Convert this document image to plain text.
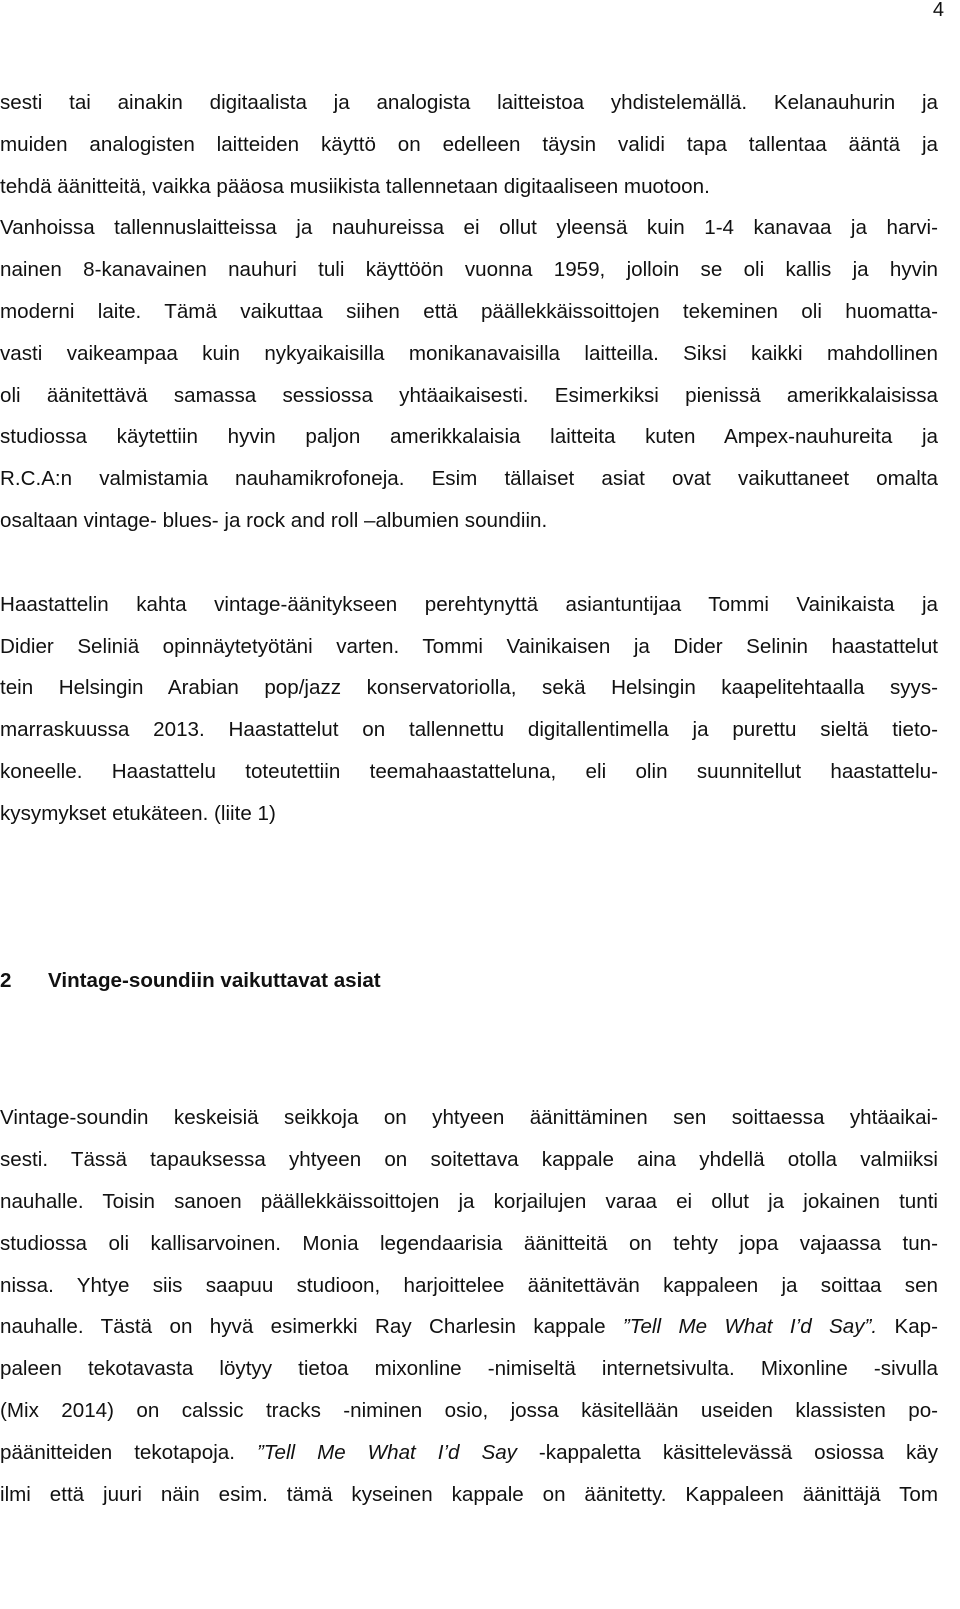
4

sesti tai ainakin digitaalista ja analogista laitteistoa yhdistelemällä. Kelanauhurin ja
muiden analogisten laitteiden käyttö on edelleen täysin validi tapa tallentaa ääntä ja
tehdä äänitteitä, vaikka pääosa musiikista tallennetaan digitaaliseen muotoon.

Vanhoissa tallennuslaitteissa ja nauhureissa ei ollut yleensä kuin 1-4 kanavaa ja harvi-
nainen 8-kanavainen nauhuri tuli käyttöön vuonna 1959, jolloin se oli kallis ja hyvin
moderni laite. Tämä vaikuttaa siihen että päällekkäissoittojen tekeminen oli huomatta-
vasti vaikeampaa kuin nykyaikaisilla monikanavaisilla laitteilla. Siksi kaikki mahdollinen
oli äänitettävä samassa sessiossa yhtäaikaisesti. Esimerkiksi pienissä amerikkalaisissa
studiossa käytettiin hyvin paljon amerikkalaisia laitteita kuten Ampex-nauhureita ja
R.C.A:n valmistamia nauhamikrofoneja. Esim tällaiset asiat ovat vaikuttaneet omalta
osaltaan vintage- blues- ja rock and roll –albumien soundiin.

Haastattelin kahta vintage-äänitykseen perehtynyttä asiantuntijaa Tommi Vainikaista ja
Didier Seliniä opinnäytetyötäni varten. Tommi Vainikaisen ja Dider Selinin haastattelut
tein Helsingin Arabian pop/jazz konservatoriolla, sekä Helsingin kaapelitehtaalla syys-
marraskuussa 2013. Haastattelut on tallennettu digitallentimella ja purettu sieltä tieto-
koneelle. Haastattelu toteutettiin teemahaastatteluna, eli olin suunnitellut haastattelu-
kysymykset etukäteen. (liite 1)

2 Vintage-soundiin vaikuttavat asiat

Vintage-soundin keskeisiä seikkoja on yhtyeen äänittäminen sen soittaessa yhtäaikai-
sesti. Tässä tapauksessa yhtyeen on soitettava kappale aina yhdellä otolla valmiiksi
nauhalle. Toisin sanoen päällekkäissoittojen ja korjailujen varaa ei ollut ja jokainen tunti
studiossa oli kallisarvoinen. Monia legendaarisia äänitteitä on tehty jopa vajaassa tun-
nissa. Yhtye siis saapuu studioon, harjoittelee äänitettävän kappaleen ja soittaa sen
nauhalle. Tästä on hyvä esimerkki Ray Charlesin kappale ”Tell Me What I’d Say”. Kap-
paleen tekotavasta löytyy tietoa mixonline -nimiseltä internetsivulta. Mixonline -sivulla
(Mix 2014) on calssic tracks -niminen osio, jossa käsitellään useiden klassisten po-
päänitteiden tekotapoja. ”Tell Me What I’d Say -kappaletta käsittelevässä osiossa käy
ilmi että juuri näin esim. tämä kyseinen kappale on äänitetty. Kappaleen äänittäjä Tom
